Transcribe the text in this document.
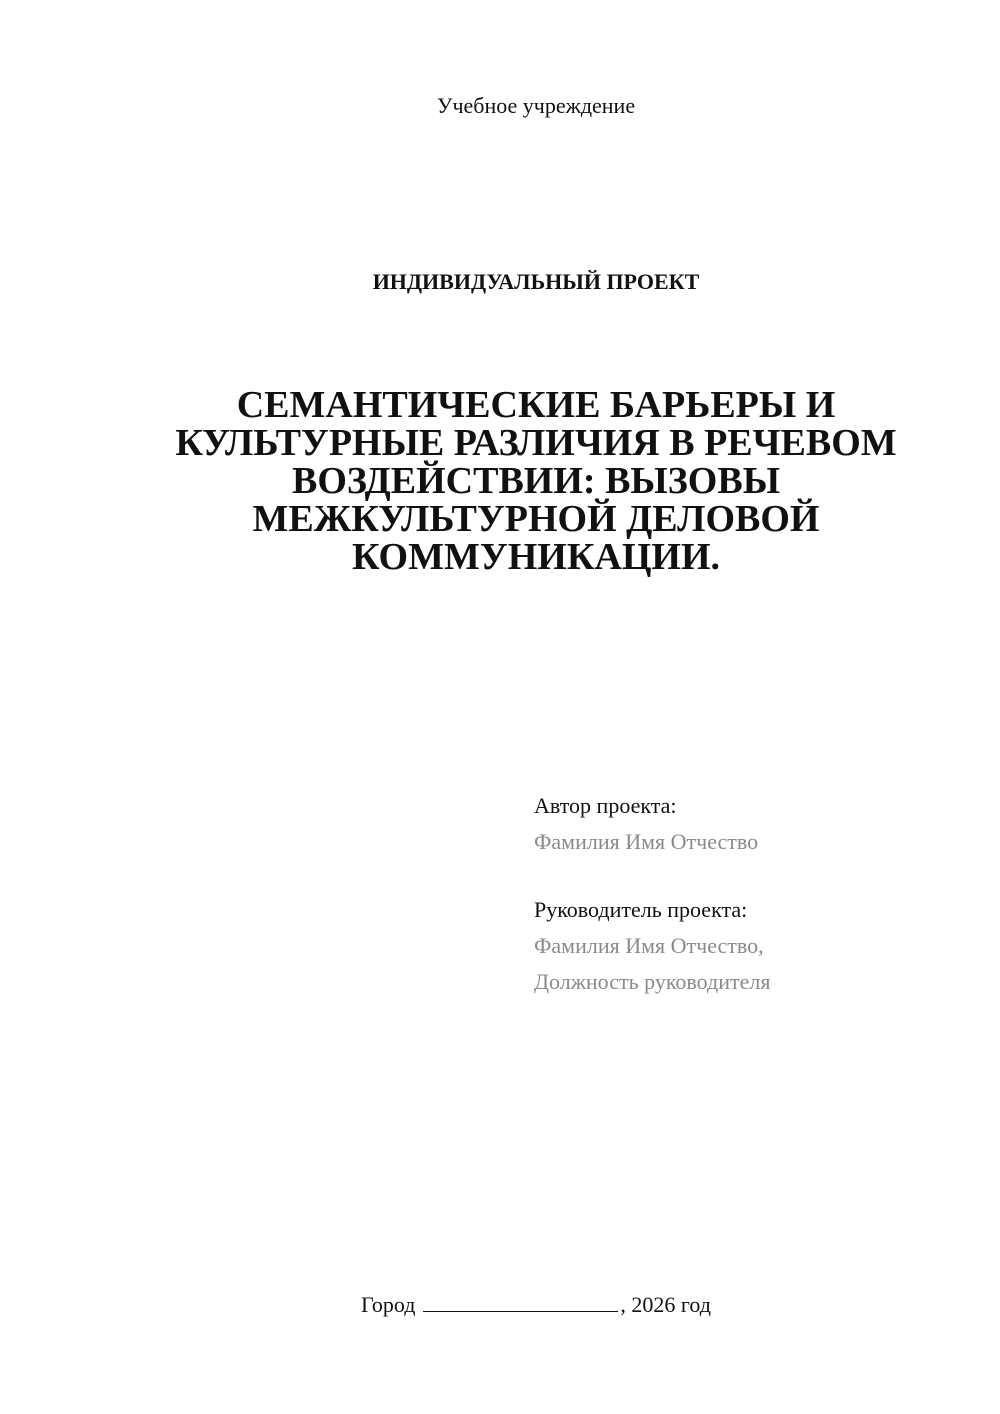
Учебное учреждение
ИНДИВИДУАЛЬНЫЙ ПРОЕКТ
СЕМАНТИЧЕСКИЕ БАРЬЕРЫ И
КУЛЬТУРНЫЕ РАЗЛИЧИЯ В РЕЧЕВОМ
ВОЗДЕЙСТВИИ: ВЫЗОВЫ
МЕЖКУЛЬТУРНОЙ ДЕЛОВОЙ
КОММУНИКАЦИИ.
Автор проекта:
Фамилия Имя Отчество
Руководитель проекта:
Фамилия Имя Отчество,
Должность руководителя
Город	, 2026 год
